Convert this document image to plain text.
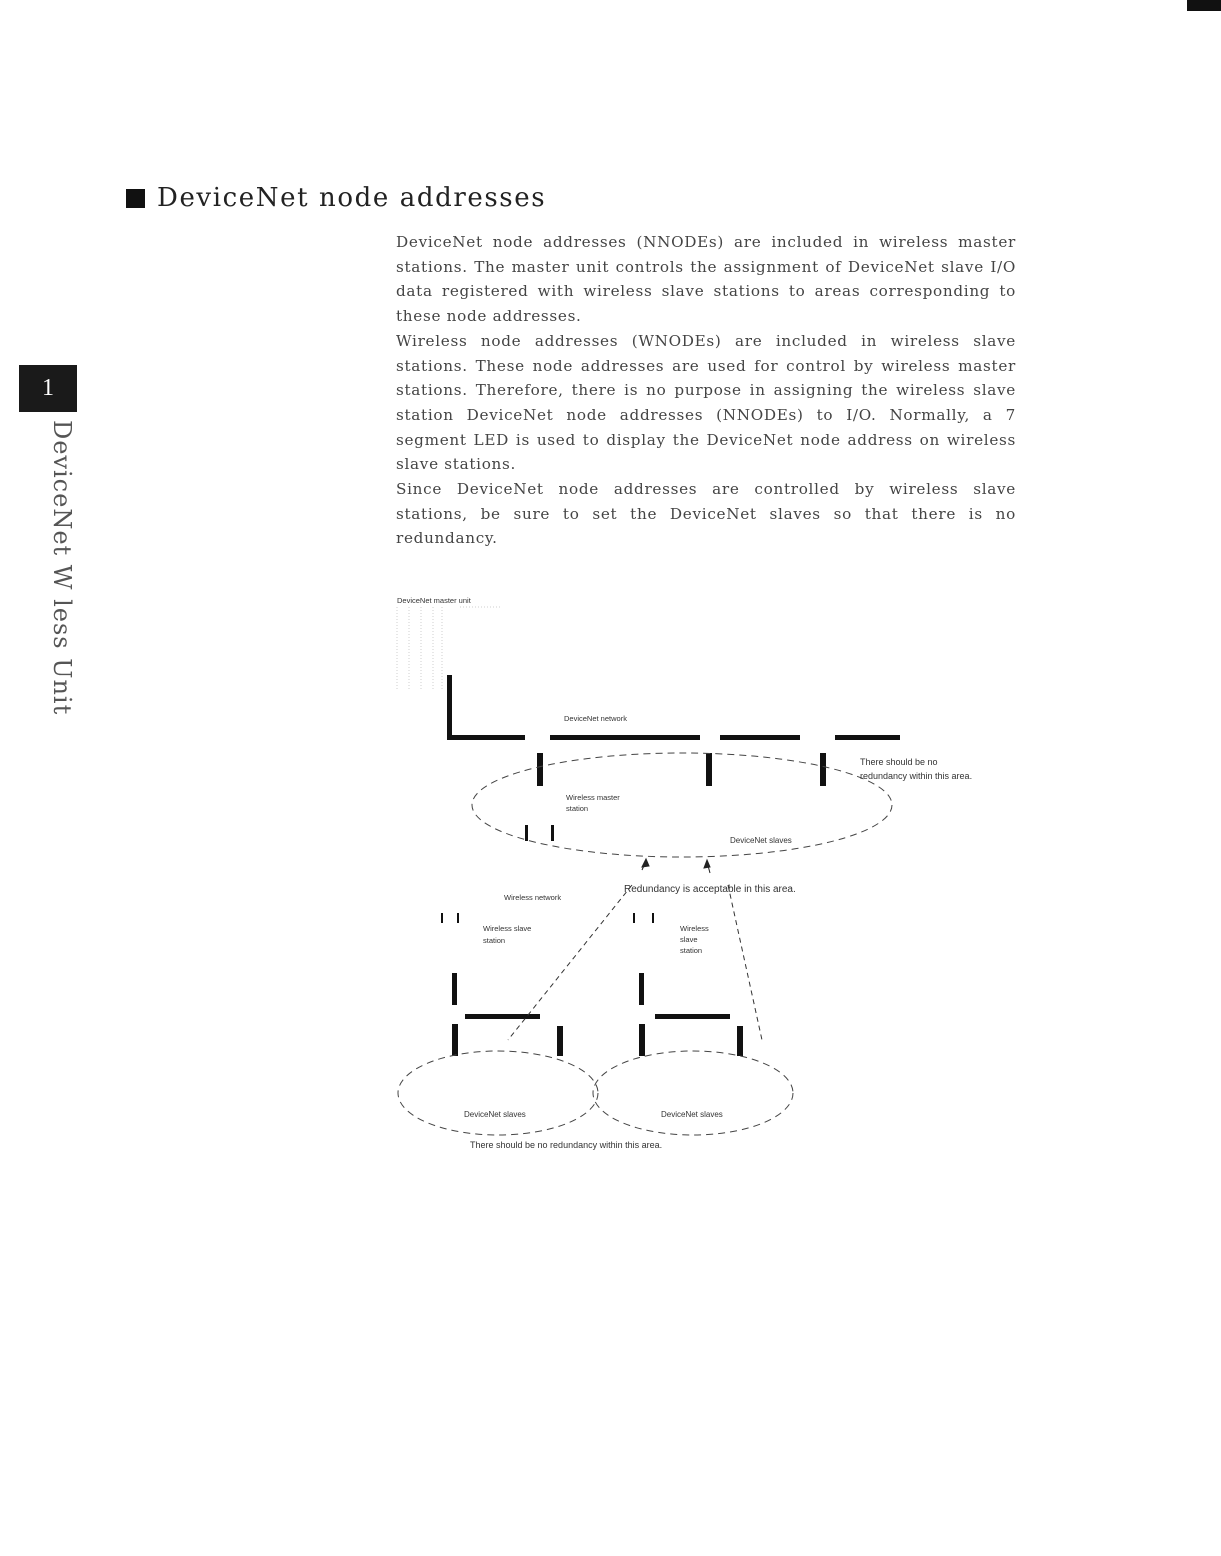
DeviceNet node addresses
1
DeviceNet W less Unit

DeviceNet node addresses (NNODEs) are included in wireless master stations. The master unit controls the assignment of DeviceNet slave I/O data registered with wireless slave stations to areas corresponding to these node addresses.

Wireless node addresses (WNODEs) are included in wireless slave stations. These node addresses are used for control by wireless master stations. Therefore, there is no purpose in assigning the wireless slave station DeviceNet node addresses (NNODEs) to I/O. Normally, a 7 segment LED is used to display the DeviceNet node address on wireless slave stations.

Since DeviceNet node addresses are controlled by wireless slave stations, be sure to set the DeviceNet slaves so that there is no redundancy.

DeviceNet master unit
DeviceNet network
There should be no
redundancy within this area.
Wireless master
station
DeviceNet slaves
Redundancy is acceptable in this area.
Wireless network
Wireless slave
station
Wireless
slave
station
DeviceNet slaves	DeviceNet slaves
There should be no redundancy within this area.
